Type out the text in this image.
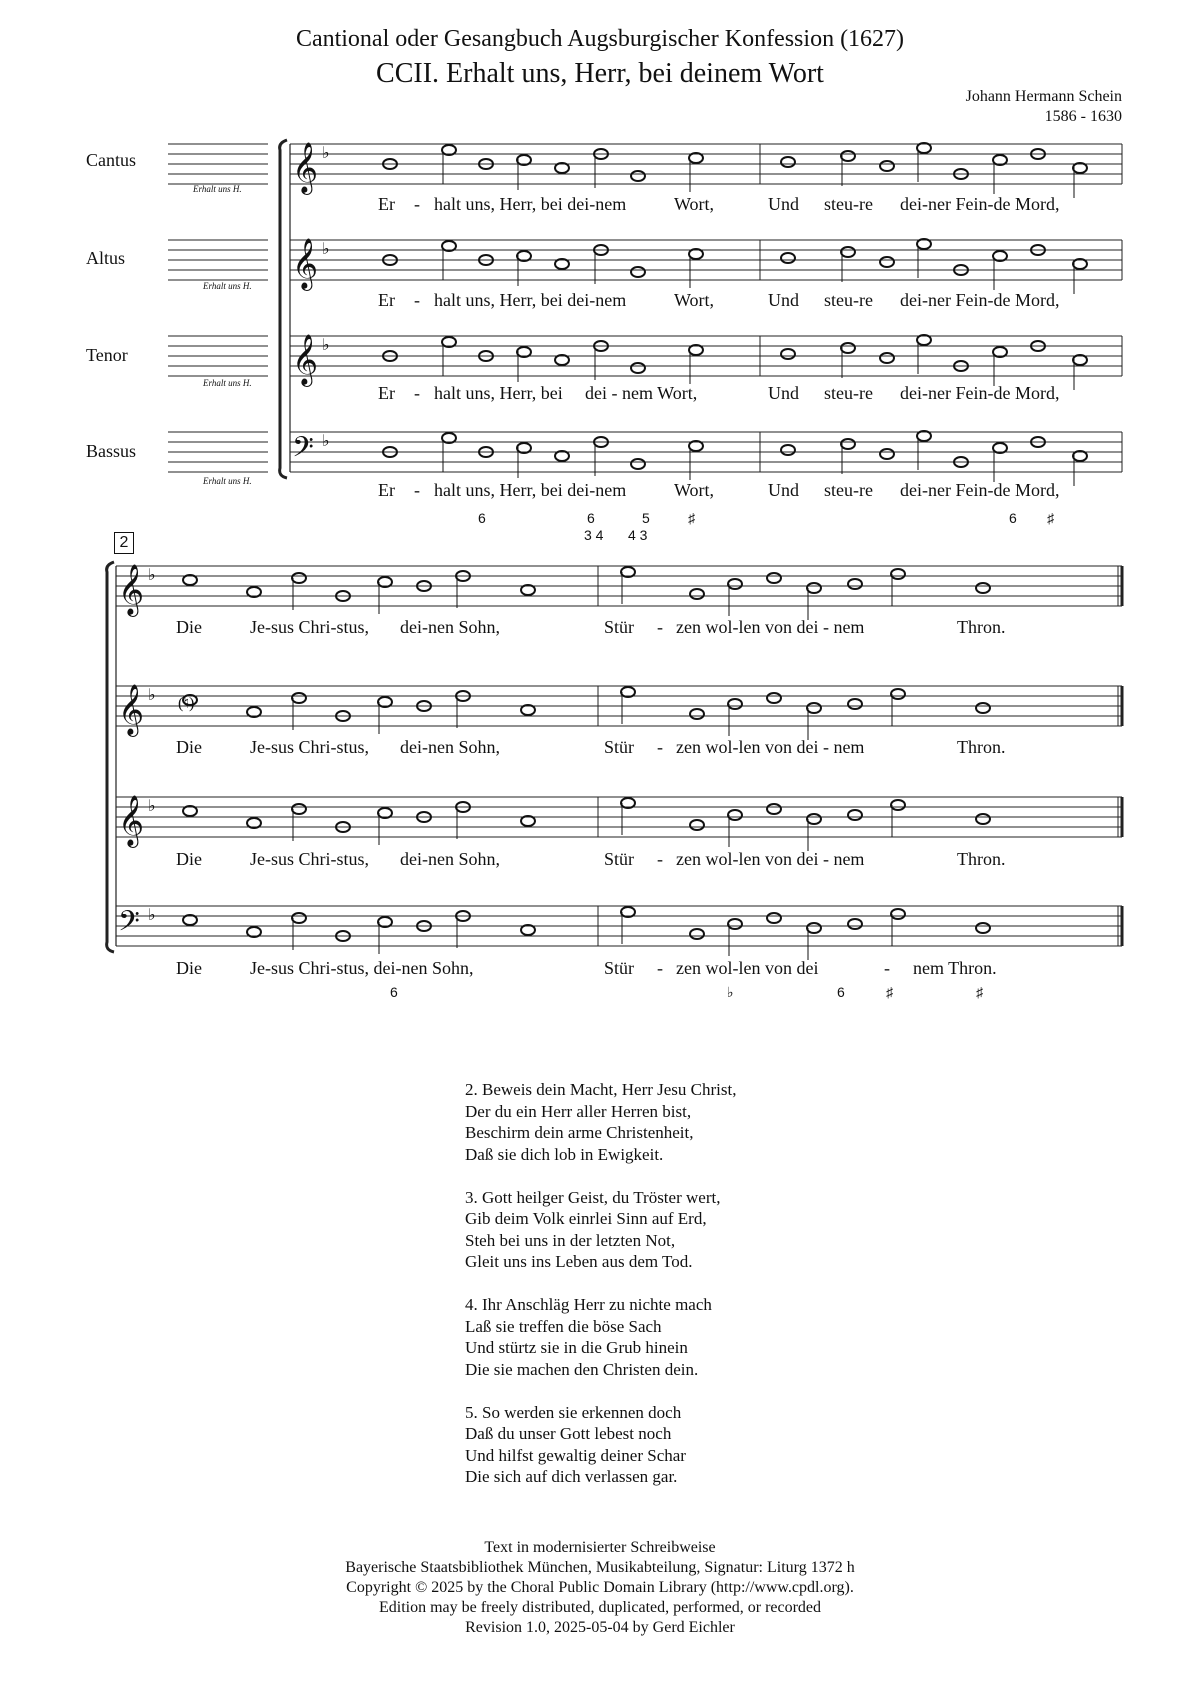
Cantional oder Gesangbuch Augsburgischer Konfession (1627)
CCII. Erhalt uns, Herr, bei deinem Wort
Johann Hermann Schein
1586 - 1630
Cantus
Altus
Tenor
Bassus
Erhalt uns H.
Erhalt uns H.
Erhalt uns H.
Erhalt uns H.
𝄞 ♭
𝄞 ♭
𝄞 ♭
𝄢 ♭
𝄞 ♭
𝄞 ♭
𝄞 ♭
𝄢 ♭
2
(♮)
Er - halt uns, Herr, bei dei-nem	Wort,	Und steu-re dei-ner Fein-de Mord,
Er - halt uns, Herr, bei dei-nem	Wort,	Und steu-re dei-ner Fein-de Mord,
Er - halt uns, Herr, bei dei - nem Wort,	Und steu-re dei-ner Fein-de Mord,
Er - halt uns, Herr, bei dei-nem	Wort,	Und steu-re dei-ner Fein-de Mord,
6	6	5	♯
3 4 4 3
6 ♯
Die	Je-sus Chri-stus, dei-nen Sohn,	Stür - zen wol-len von dei - nem	Thron.
Die	Je-sus Chri-stus, dei-nen Sohn,	Stür - zen wol-len von dei - nem	Thron.
Die	Je-sus Chri-stus, dei-nen Sohn,	Stür - zen wol-len von dei - nem	Thron.
Die	Je-sus Chri-stus, dei-nen Sohn,	Stür - zen wol-len von dei	- nem Thron.
6	♭	6	♯	♯
2. Beweis dein Macht, Herr Jesu Christ,
Der du ein Herr aller Herren bist,
Beschirm dein arme Christenheit,
Daß sie dich lob in Ewigkeit.
3. Gott heilger Geist, du Tröster wert,
Gib deim Volk einrlei Sinn auf Erd,
Steh bei uns in der letzten Not,
Gleit uns ins Leben aus dem Tod.
4. Ihr Anschläg Herr zu nichte mach
Laß sie treffen die böse Sach
Und stürtz sie in die Grub hinein
Die sie machen den Christen dein.
5. So werden sie erkennen doch
Daß du unser Gott lebest noch
Und hilfst gewaltig deiner Schar
Die sich auf dich verlassen gar.
Text in modernisierter Schreibweise
Bayerische Staatsbibliothek München, Musikabteilung, Signatur: Liturg 1372 h
Copyright © 2025 by the Choral Public Domain Library (http://www.cpdl.org).
Edition may be freely distributed, duplicated, performed, or recorded
Revision 1.0, 2025-05-04 by Gerd Eichler
